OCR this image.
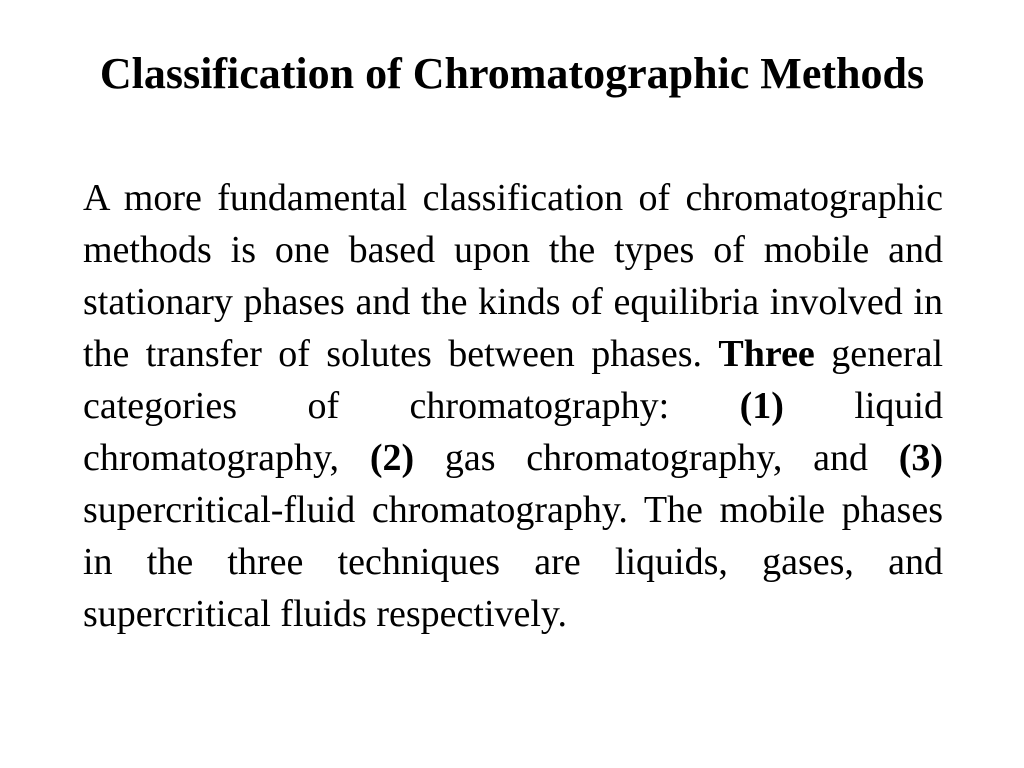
Classification of Chromatographic Methods

A more fundamental classification of chromatographic methods is one based upon the types of mobile and stationary phases and the kinds of equilibria involved in the transfer of solutes between phases. Three general categories of chromatography: (1) liquid chromatography, (2) gas chromatography, and (3) supercritical-fluid chromatography. The mobile phases in the three techniques are liquids, gases, and supercritical fluids respectively.
